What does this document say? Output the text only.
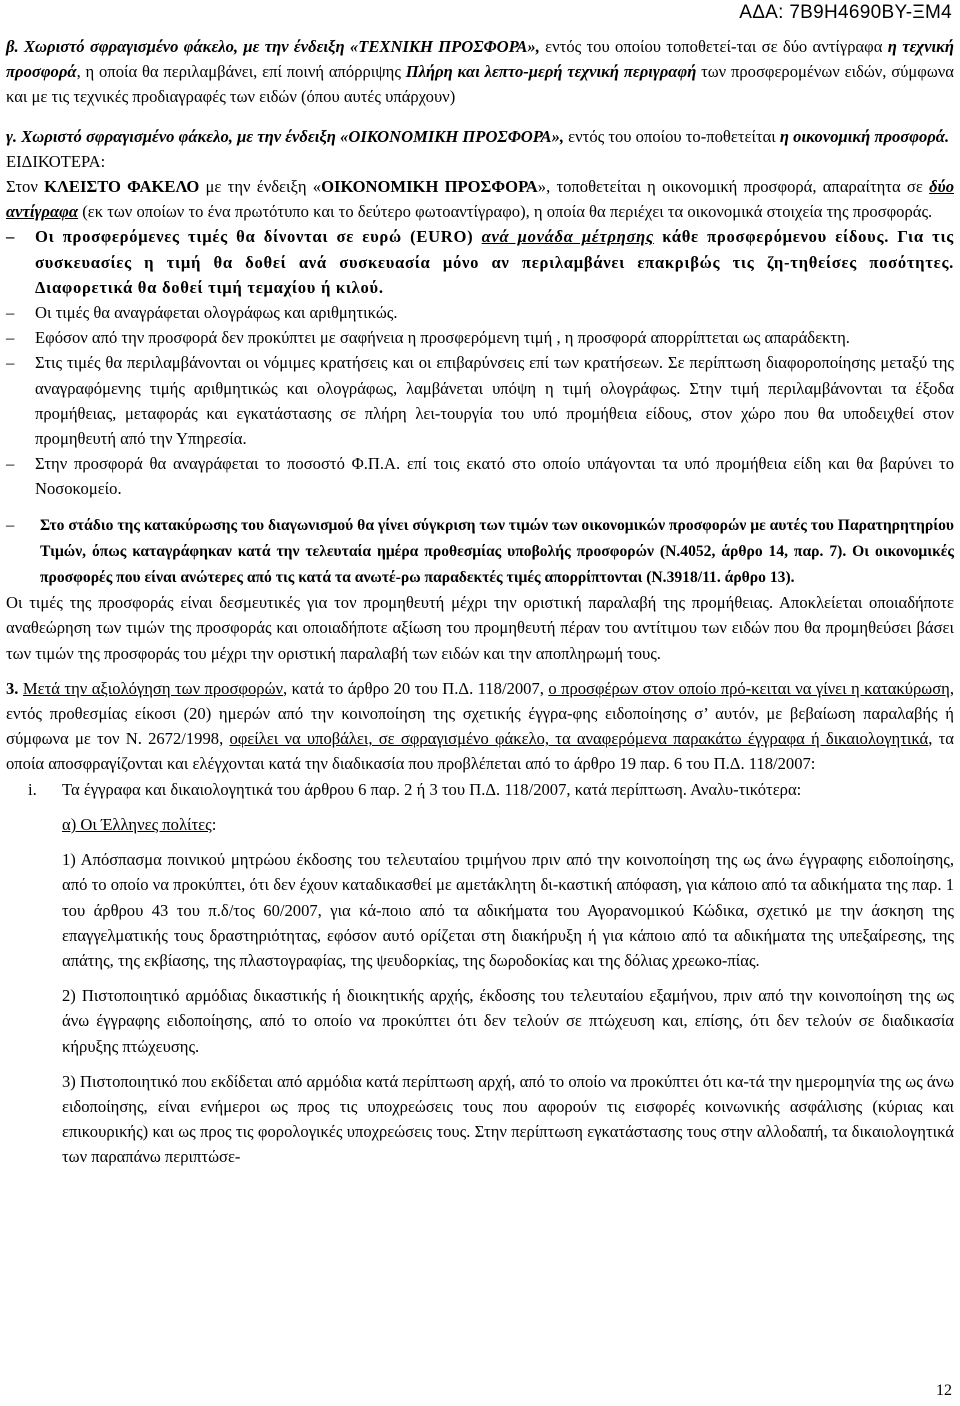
ΑΔΑ: 7Β9Η4690ΒΥ-ΞΜ4

β. Χωριστό σφραγισμένο φάκελο, με την ένδειξη «ΤΕΧΝΙΚΗ ΠΡΟΣΦΟΡΑ», εντός του οποίου τοποθετεί-ται σε δύο αντίγραφα η τεχνική προσφορά, η οποία θα περιλαμβάνει, επί ποινή απόρριψης Πλήρη και λεπτο-μερή τεχνική περιγραφή των προσφερομένων ειδών, σύμφωνα και με τις τεχνικές προδιαγραφές των ειδών (όπου αυτές υπάρχουν)

γ. Χωριστό σφραγισμένο φάκελο, με την ένδειξη «ΟΙΚΟΝΟΜΙΚΗ ΠΡΟΣΦΟΡΑ», εντός του οποίου το-ποθετείται η οικονομική προσφορά.

ΕΙΔΙΚΟΤΕΡΑ:

Στον ΚΛΕΙΣΤΟ ΦΑΚΕΛΟ με την ένδειξη «ΟΙΚΟΝΟΜΙΚΗ ΠΡΟΣΦΟΡΑ», τοποθετείται η οικονομική προσφορά, απαραίτητα σε δύο αντίγραφα (εκ των οποίων το ένα πρωτότυπο και το δεύτερο φωτοαντίγραφο), η οποία θα περιέχει τα οικονομικά στοιχεία της προσφοράς.

– Οι προσφερόμενες τιμές θα δίνονται σε ευρώ (EURO) ανά μονάδα μέτρησης κάθε προσφερόμενου είδους. Για τις συσκευασίες η τιμή θα δοθεί ανά συσκευασία μόνο αν περιλαμβάνει επακριβώς τις ζη-τηθείσες ποσότητες. Διαφορετικά θα δοθεί τιμή τεμαχίου ή κιλού.
– Οι τιμές θα αναγράφεται ολογράφως και αριθμητικώς.
– Εφόσον από την προσφορά δεν προκύπτει με σαφήνεια η προσφερόμενη τιμή , η προσφορά απορρίπτεται ως απαράδεκτη.
– Στις τιμές θα περιλαμβάνονται οι νόμιμες κρατήσεις και οι επιβαρύνσεις επί των κρατήσεων. Σε περίπτωση διαφοροποίησης μεταξύ της αναγραφόμενης τιμής αριθμητικώς και ολογράφως, λαμβάνεται υπόψη η τιμή ολογράφως. Στην τιμή περιλαμβάνονται τα έξοδα προμήθειας, μεταφοράς και εγκατάστασης σε πλήρη λει-τουργία του υπό προμήθεια είδους, στον χώρο που θα υποδειχθεί στον προμηθευτή από την Υπηρεσία.
– Στην προσφορά θα αναγράφεται το ποσοστό Φ.Π.Α. επί τοις εκατό στο οποίο υπάγονται τα υπό προμήθεια είδη και θα βαρύνει το Νοσοκομείο.
– Στο στάδιο της κατακύρωσης του διαγωνισμού θα γίνει σύγκριση των τιμών των οικονομικών προσφορών με αυτές του Παρατηρητηρίου Τιμών, όπως καταγράφηκαν κατά την τελευταία ημέρα προθεσμίας υποβολής προσφορών (Ν.4052, άρθρο 14, παρ. 7). Οι οικονομικές προσφορές που είναι ανώτερες από τις κατά τα ανωτέ-ρω παραδεκτές τιμές απορρίπτονται (Ν.3918/11. άρθρο 13).

Οι τιμές της προσφοράς είναι δεσμευτικές για τον προμηθευτή μέχρι την οριστική παραλαβή της προμήθειας. Αποκλείεται οποιαδήποτε αναθεώρηση των τιμών της προσφοράς και οποιαδήποτε αξίωση του προμηθευτή πέραν του αντίτιμου των ειδών που θα προμηθεύσει βάσει των τιμών της προσφοράς του μέχρι την οριστική παραλαβή των ειδών και την αποπληρωμή τους.

3. Μετά την αξιολόγηση των προσφορών, κατά το άρθρο 20 του Π.Δ. 118/2007, ο προσφέρων στον οποίο πρό-κειται να γίνει η κατακύρωση, εντός προθεσμίας είκοσι (20) ημερών από την κοινοποίηση της σχετικής έγγρα-φης ειδοποίησης σ’ αυτόν, με βεβαίωση παραλαβής ή σύμφωνα με τον Ν. 2672/1998, οφείλει να υποβάλει, σε σφραγισμένο φάκελο, τα αναφερόμενα παρακάτω έγγραφα ή δικαιολογητικά, τα οποία αποσφραγίζονται και ελέγχονται κατά την διαδικασία που προβλέπεται από το άρθρο 19 παρ. 6 του Π.Δ. 118/2007:

i. Τα έγγραφα και δικαιολογητικά του άρθρου 6 παρ. 2 ή 3 του Π.Δ. 118/2007, κατά περίπτωση. Αναλυ-τικότερα:

α) Οι Έλληνες πολίτες:

1) Απόσπασμα ποινικού μητρώου έκδοσης του τελευταίου τριμήνου πριν από την κοινοποίηση της ως άνω έγγραφης ειδοποίησης, από το οποίο να προκύπτει, ότι δεν έχουν καταδικασθεί με αμετάκλητη δι-καστική απόφαση, για κάποιο από τα αδικήματα της παρ. 1 του άρθρου 43 του π.δ/τος 60/2007, για κά-ποιο από τα αδικήματα του Αγορανομικού Κώδικα, σχετικό με την άσκηση της επαγγελματικής τους δραστηριότητας, εφόσον αυτό ορίζεται στη διακήρυξη ή για κάποιο από τα αδικήματα της υπεξαίρεσης, της απάτης, της εκβίασης, της πλαστογραφίας, της ψευδορκίας, της δωροδοκίας και της δόλιας χρεωκο-πίας.

2) Πιστοποιητικό αρμόδιας δικαστικής ή διοικητικής αρχής, έκδοσης του τελευταίου εξαμήνου, πριν από την κοινοποίηση της ως άνω έγγραφης ειδοποίησης, από το οποίο να προκύπτει ότι δεν τελούν σε πτώχευση και, επίσης, ότι δεν τελούν σε διαδικασία κήρυξης πτώχευσης.

3) Πιστοποιητικό που εκδίδεται από αρμόδια κατά περίπτωση αρχή, από το οποίο να προκύπτει ότι κα-τά την ημερομηνία της ως άνω ειδοποίησης, είναι ενήμεροι ως προς τις υποχρεώσεις τους που αφορούν τις εισφορές κοινωνικής ασφάλισης (κύριας και επικουρικής) και ως προς τις φορολογικές υποχρεώσεις τους. Στην περίπτωση εγκατάστασης τους στην αλλοδαπή, τα δικαιολογητικά των παραπάνω περιπτώσε-

12
